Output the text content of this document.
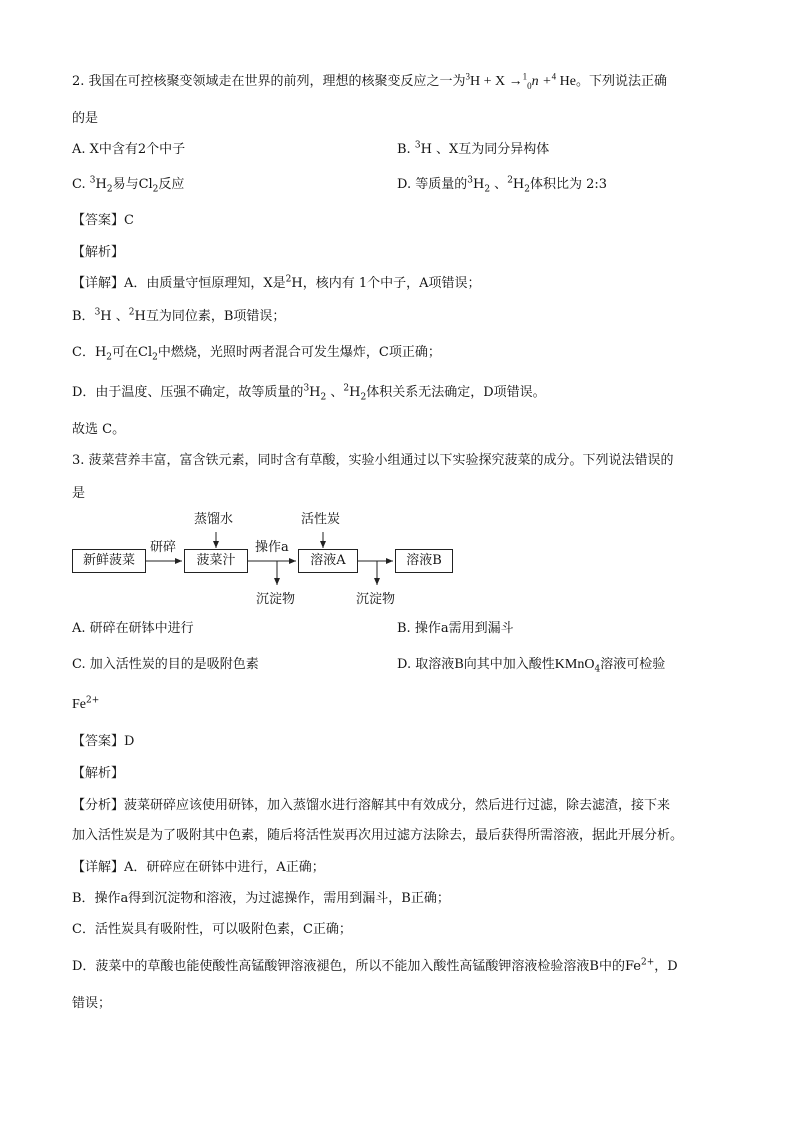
2. 我国在可控核聚变领域走在世界的前列，理想的核聚变反应之一为$^3$H + X →$^1_0$n +$^4$ He。下列说法正确
的是
A. X中含有2个中子	B. $^3$H 、X互为同分异构体
C. $^3H_2$易与$Cl_2$反应	D. 等质量的$^3H_2$ 、$^2H_2$体积比为 2:3
【答案】C
【解析】
【详解】A．由质量守恒原理知，X是$^2$H，核内有 1个中子，A项错误；
B．$^3$H 、$^2$H互为同位素，B项错误；
C．$H_2$可在$Cl_2$中燃烧，光照时两者混合可发生爆炸，C项正确；
D．由于温度、压强不确定，故等质量的$^3H_2$ 、$^2H_2$体积关系无法确定，D项错误。
故选 C。
3. 菠菜营养丰富，富含铁元素，同时含有草酸，实验小组通过以下实验探究菠菜的成分。下列说法错误的
是
新鲜菠菜
研碎
菠菜汁
蒸馏水
操作a
溶液A
活性炭
溶液B
沉淀物	沉淀物
A. 研碎在研钵中进行	B. 操作a需用到漏斗
C. 加入活性炭的目的是吸附色素	D. 取溶液B向其中加入酸性KMnO$_4$溶液可检验
$Fe^{2+}$
【答案】D
【解析】
【分析】菠菜研碎应该使用研钵，加入蒸馏水进行溶解其中有效成分，然后进行过滤，除去滤渣，接下来
加入活性炭是为了吸附其中色素，随后将活性炭再次用过滤方法除去，最后获得所需溶液，据此开展分析。
【详解】A．研碎应在研钵中进行，A正确；
B．操作a得到沉淀物和溶液，为过滤操作，需用到漏斗，B正确；
C．活性炭具有吸附性，可以吸附色素，C正确；
D．菠菜中的草酸也能使酸性高锰酸钾溶液褪色，所以不能加入酸性高锰酸钾溶液检验溶液B中的$Fe^{2+}$，D
错误；
